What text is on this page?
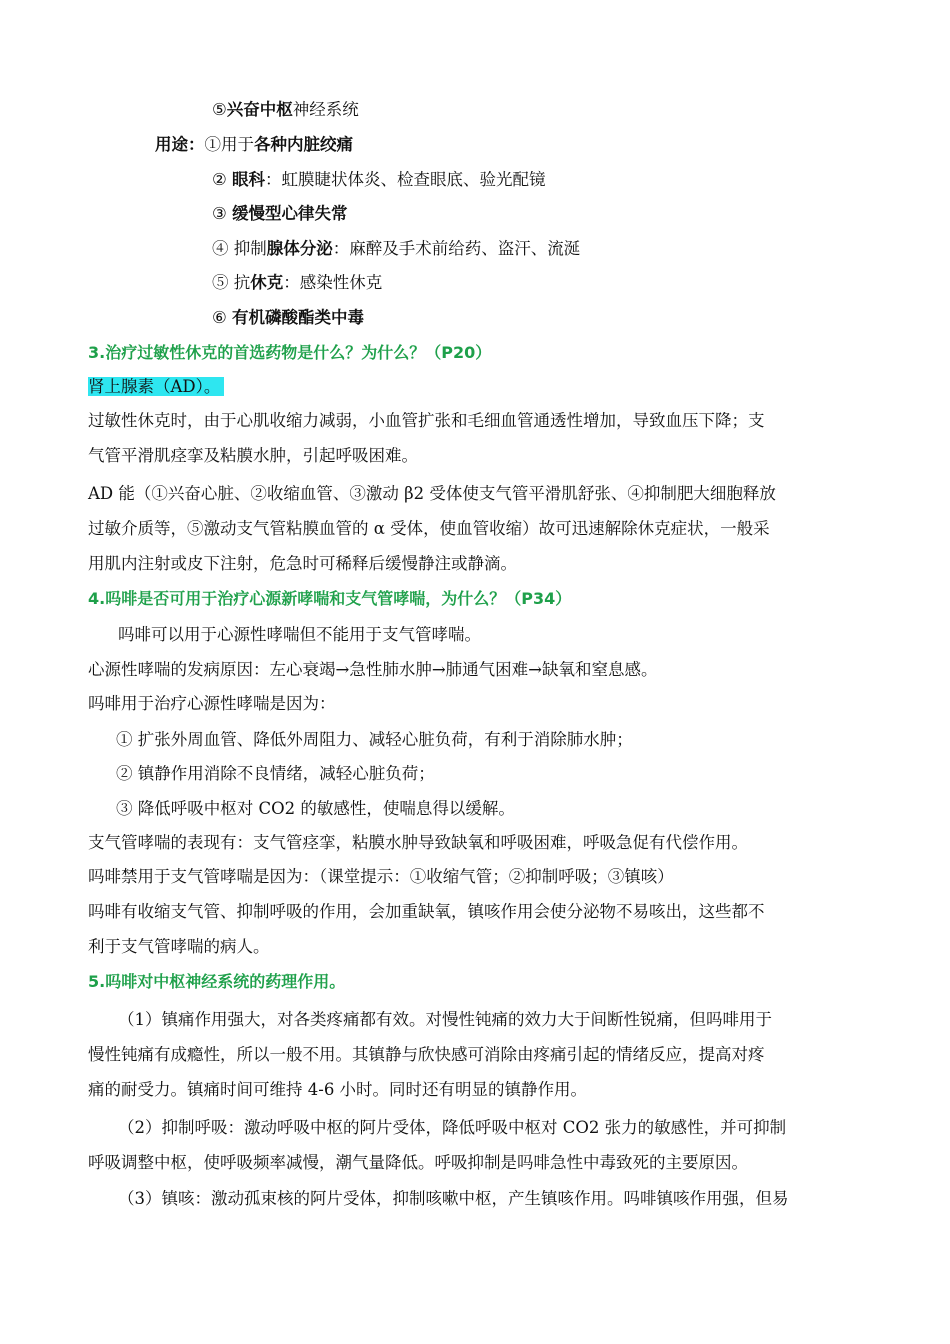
⑤兴奋中枢神经系统
用途：①用于各种内脏绞痛
② 眼科：虹膜睫状体炎、检查眼底、验光配镜
③ 缓慢型心律失常
④ 抑制腺体分泌：麻醉及手术前给药、盗汗、流涎
⑤ 抗休克：感染性休克
⑥ 有机磷酸酯类中毒
3.治疗过敏性休克的首选药物是什么？为什么？（P20）
肾上腺素（AD）。
过敏性休克时，由于心肌收缩力减弱，小血管扩张和毛细血管通透性增加，导致血压下降；支
气管平滑肌痉挛及粘膜水肿，引起呼吸困难。
AD 能（①兴奋心脏、②收缩血管、③激动 β2 受体使支气管平滑肌舒张、④抑制肥大细胞释放
过敏介质等，⑤激动支气管粘膜血管的 α 受体，使血管收缩）故可迅速解除休克症状，一般采
用肌内注射或皮下注射，危急时可稀释后缓慢静注或静滴。
4.吗啡是否可用于治疗心源新哮喘和支气管哮喘，为什么？（P34）
吗啡可以用于心源性哮喘但不能用于支气管哮喘。
心源性哮喘的发病原因：左心衰竭→急性肺水肿→肺通气困难→缺氧和窒息感。
吗啡用于治疗心源性哮喘是因为：
① 扩张外周血管、降低外周阻力、减轻心脏负荷，有利于消除肺水肿；
② 镇静作用消除不良情绪，减轻心脏负荷；
③ 降低呼吸中枢对 CO2 的敏感性，使喘息得以缓解。
支气管哮喘的表现有：支气管痉挛，粘膜水肿导致缺氧和呼吸困难，呼吸急促有代偿作用。
吗啡禁用于支气管哮喘是因为：（课堂提示：①收缩气管；②抑制呼吸；③镇咳）
吗啡有收缩支气管、抑制呼吸的作用，会加重缺氧，镇咳作用会使分泌物不易咳出，这些都不
利于支气管哮喘的病人。
5.吗啡对中枢神经系统的药理作用。
（1）镇痛作用强大，对各类疼痛都有效。对慢性钝痛的效力大于间断性锐痛，但吗啡用于
慢性钝痛有成瘾性，所以一般不用。其镇静与欣快感可消除由疼痛引起的情绪反应，提高对疼
痛的耐受力。镇痛时间可维持 4-6 小时。同时还有明显的镇静作用。
（2）抑制呼吸：激动呼吸中枢的阿片受体，降低呼吸中枢对 CO2 张力的敏感性，并可抑制
呼吸调整中枢，使呼吸频率减慢，潮气量降低。呼吸抑制是吗啡急性中毒致死的主要原因。
（3）镇咳：激动孤束核的阿片受体，抑制咳嗽中枢，产生镇咳作用。吗啡镇咳作用强，但易
